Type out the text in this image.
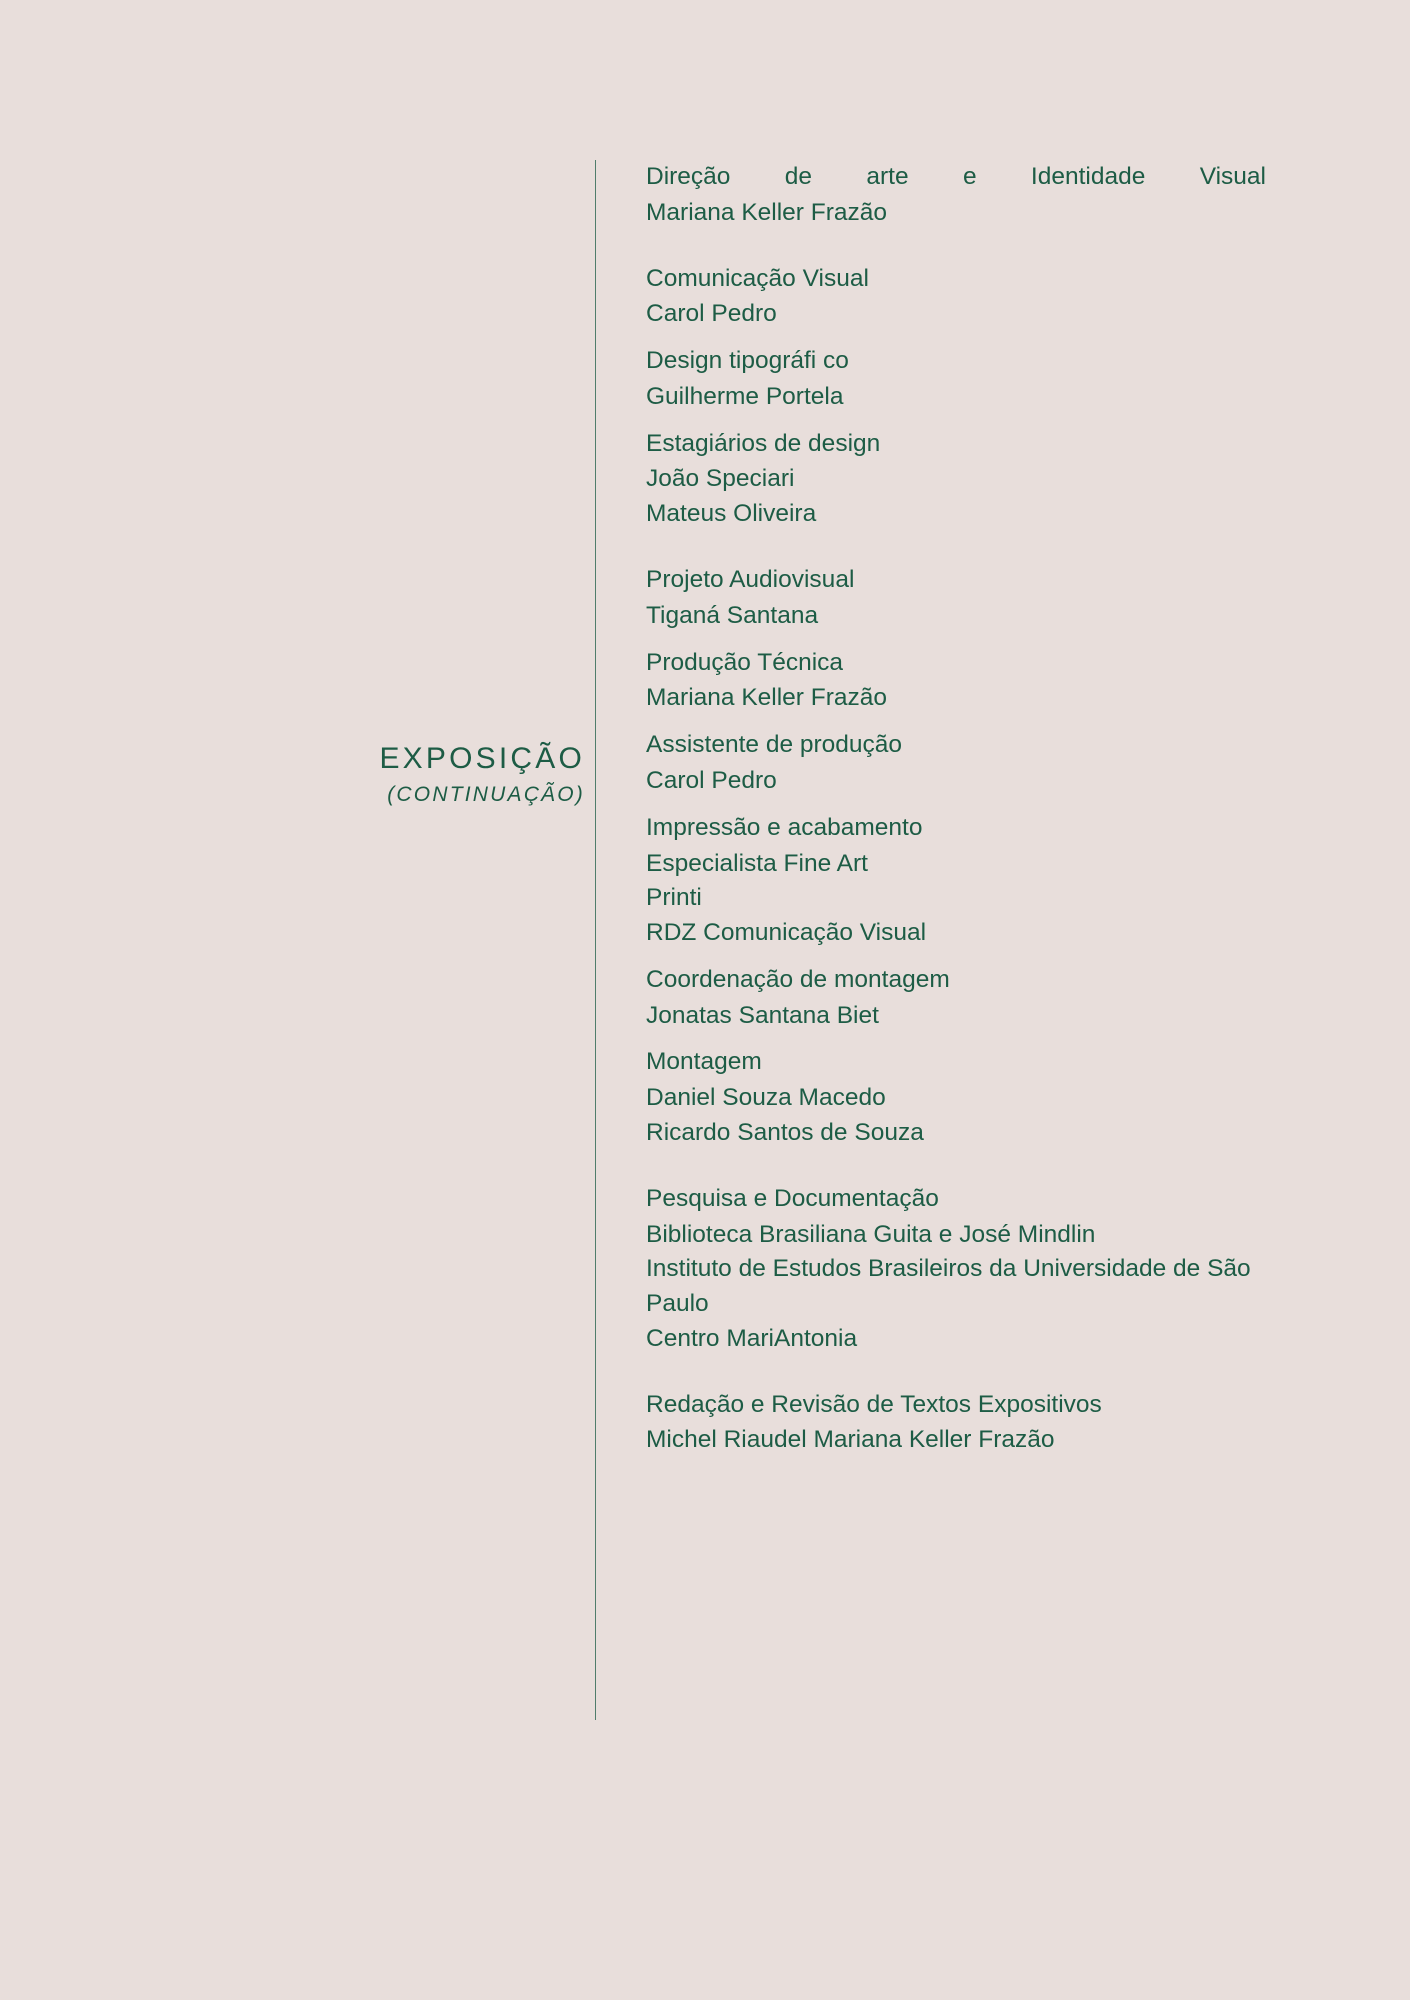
EXPOSIÇÃO
(CONTINUAÇÃO)

Direção de arte e Identidade Visual

Mariana Keller Frazão

Comunicação Visual

Carol Pedro

Design tipográfi co

Guilherme Portela

Estagiários de design

João Speciari

Mateus Oliveira

Projeto Audiovisual

Tiganá Santana

Produção Técnica

Mariana Keller Frazão

Assistente de produção

Carol Pedro

Impressão e acabamento

Especialista Fine Art

Printi

RDZ Comunicação Visual

Coordenação de montagem

Jonatas Santana Biet

Montagem

Daniel Souza Macedo

Ricardo Santos de Souza

Pesquisa e Documentação

Biblioteca Brasiliana Guita e José Mindlin

Instituto de Estudos Brasileiros da Universidade de São Paulo

Centro MariAntonia

Redação e Revisão de Textos Expositivos

Michel Riaudel Mariana Keller Frazão
